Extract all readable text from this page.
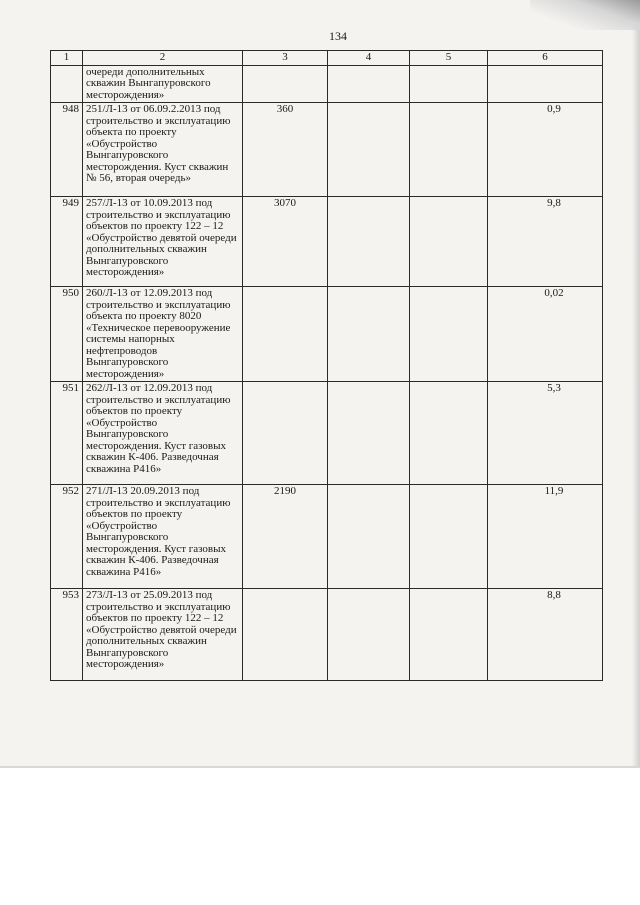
134
1	2	3	4	5	6
	очереди дополнительных скважин Вынгапуровского месторождения»				
948	251/Л-13 от 06.09.2.2013 под строительство и эксплуатацию объекта по проекту «Обустройство Вынгапуровского месторождения. Куст скважин № 56, вторая очередь»	360			0,9
949	257/Л-13 от 10.09.2013 под строительство и эксплуатацию объектов по проекту 122 – 12 «Обустройство девятой очереди дополнительных скважин Вынгапуровского месторождения»	3070			9,8
950	260/Л-13 от 12.09.2013 под строительство и эксплуатацию объекта по проекту 8020 «Техническое перевооружение системы напорных нефтепроводов Вынгапуровского месторождения»				0,02
951	262/Л-13 от 12.09.2013 под строительство и эксплуатацию объектов по проекту «Обустройство Вынгапуровского месторождения. Куст газовых скважин К-406. Разведочная скважина Р416»				5,3
952	271/Л-13 20.09.2013 под строительство и эксплуатацию объектов по проекту «Обустройство Вынгапуровского месторождения. Куст газовых скважин К-406. Разведочная скважина Р416»	2190			11,9
953	273/Л-13 от 25.09.2013 под строительство и эксплуатацию объектов по проекту 122 – 12 «Обустройство девятой очереди дополнительных скважин Вынгапуровского месторождения»				8,8
